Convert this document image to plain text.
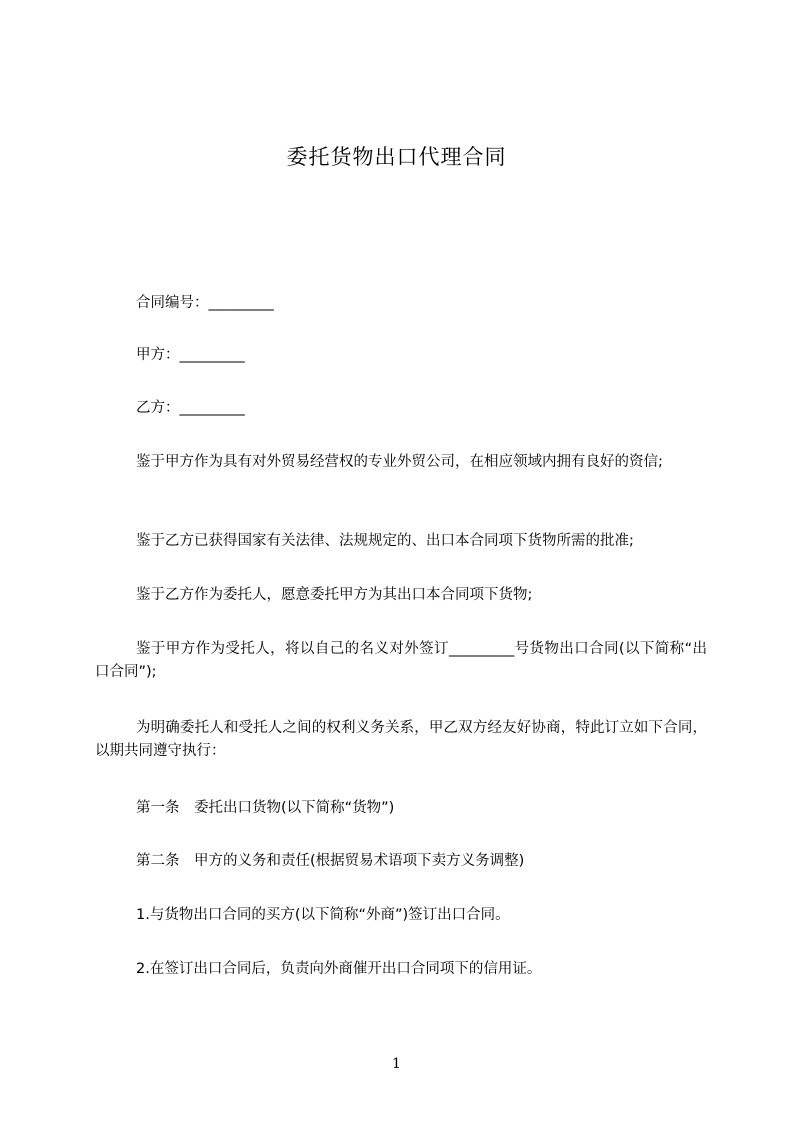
委托货物出口代理合同
合同编号：_________
甲方：_________
乙方：_________

鉴于甲方作为具有对外贸易经营权的专业外贸公司，在相应领域内拥有良好的资信;

鉴于乙方已获得国家有关法律、法规规定的、出口本合同项下货物所需的批准;

鉴于乙方作为委托人，愿意委托甲方为其出口本合同项下货物;

鉴于甲方作为受托人，将以自己的名义对外签订_________号货物出口合同(以下简称“出口合同”);

为明确委托人和受托人之间的权利义务关系，甲乙双方经友好协商，特此订立如下合同，以期共同遵守执行：

第一条　委托出口货物(以下简称“货物”)
第二条　甲方的义务和责任(根据贸易术语项下卖方义务调整)
1.与货物出口合同的买方(以下简称“外商”)签订出口合同。
2.在签订出口合同后，负责向外商催开出口合同项下的信用证。
1
